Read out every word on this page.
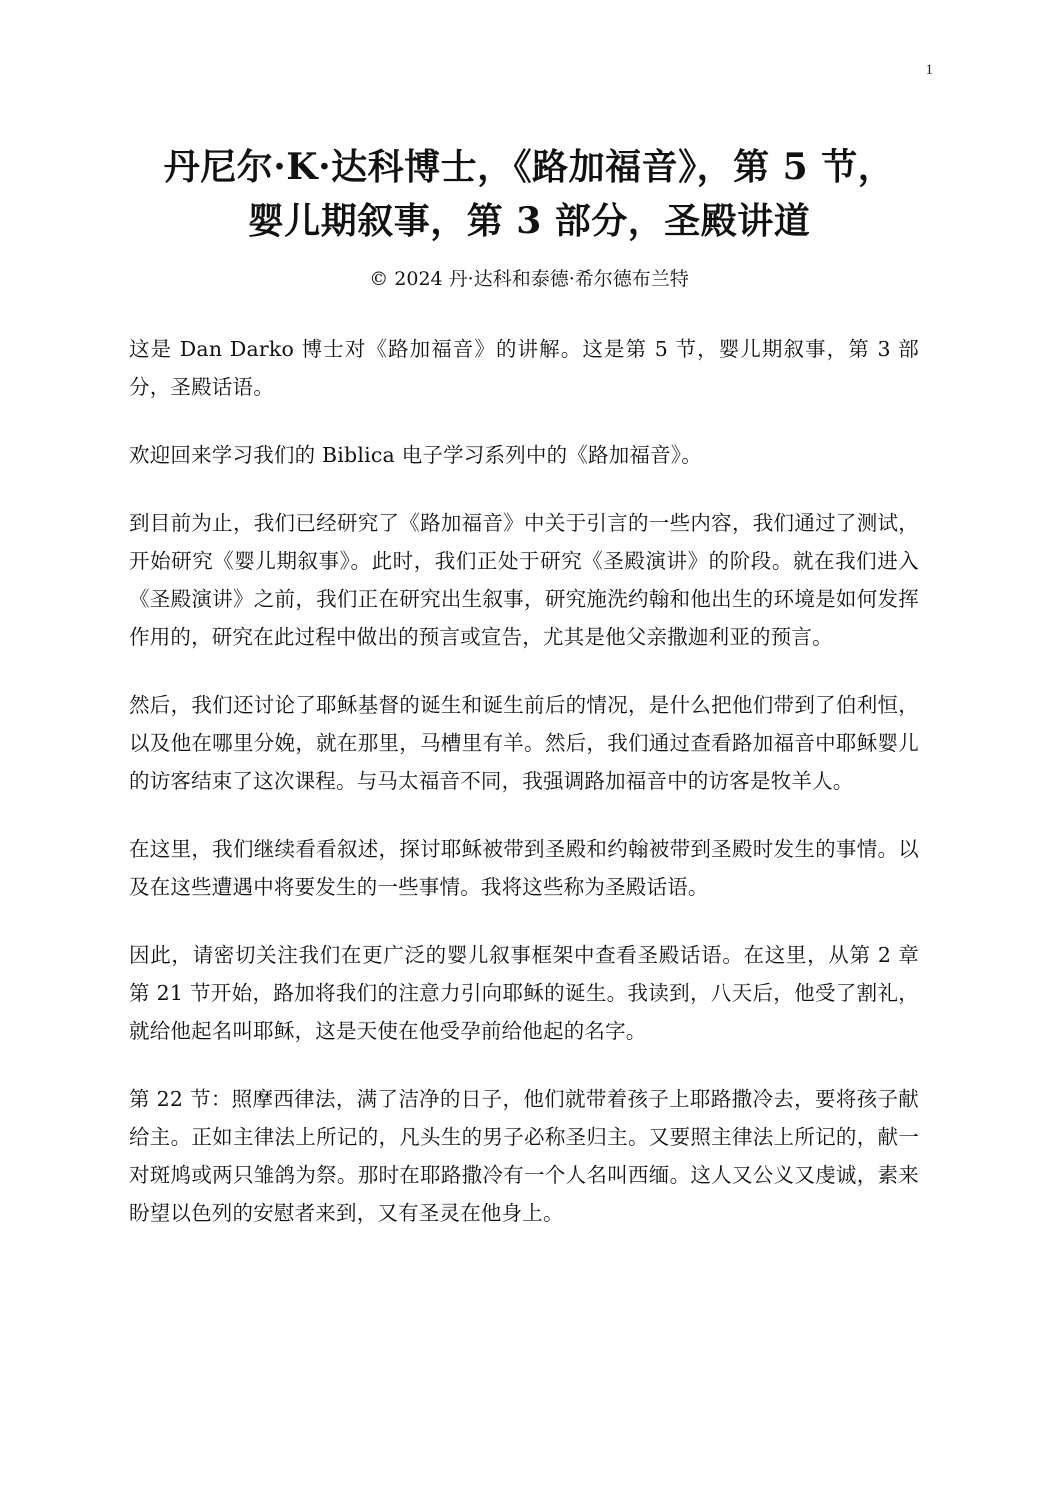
1
丹尼尔·K·达科博士，《路加福音》，第 5 节，
婴儿期叙事，第 3 部分，圣殿讲道
© 2024 丹·达科和泰德·希尔德布兰特

这是 Dan Darko 博士对《路加福音》的讲解。这是第 5 节，婴儿期叙事，第 3 部分，圣殿话语。

欢迎回来学习我们的 Biblica 电子学习系列中的《路加福音》。

到目前为止，我们已经研究了《路加福音》中关于引言的一些内容，我们通过了测试，开始研究《婴儿期叙事》。此时，我们正处于研究《圣殿演讲》的阶段。就在我们进入《圣殿演讲》之前，我们正在研究出生叙事，研究施洗约翰和他出生的环境是如何发挥作用的，研究在此过程中做出的预言或宣告，尤其是他父亲撒迦利亚的预言。

然后，我们还讨论了耶稣基督的诞生和诞生前后的情况，是什么把他们带到了伯利恒，以及他在哪里分娩，就在那里，马槽里有羊。然后，我们通过查看路加福音中耶稣婴儿的访客结束了这次课程。与马太福音不同，我强调路加福音中的访客是牧羊人。

在这里，我们继续看看叙述，探讨耶稣被带到圣殿和约翰被带到圣殿时发生的事情。以及在这些遭遇中将要发生的一些事情。我将这些称为圣殿话语。

因此，请密切关注我们在更广泛的婴儿叙事框架中查看圣殿话语。在这里，从第 2 章第 21 节开始，路加将我们的注意力引向耶稣的诞生。我读到，八天后，他受了割礼，就给他起名叫耶稣，这是天使在他受孕前给他起的名字。

第 22 节：照摩西律法，满了洁净的日子，他们就带着孩子上耶路撒冷去，要将孩子献给主。正如主律法上所记的，凡头生的男子必称圣归主。又要照主律法上所记的，献一对斑鸠或两只雏鸽为祭。那时在耶路撒冷有一个人名叫西缅。这人又公义又虔诚，素来盼望以色列的安慰者来到，又有圣灵在他身上。
